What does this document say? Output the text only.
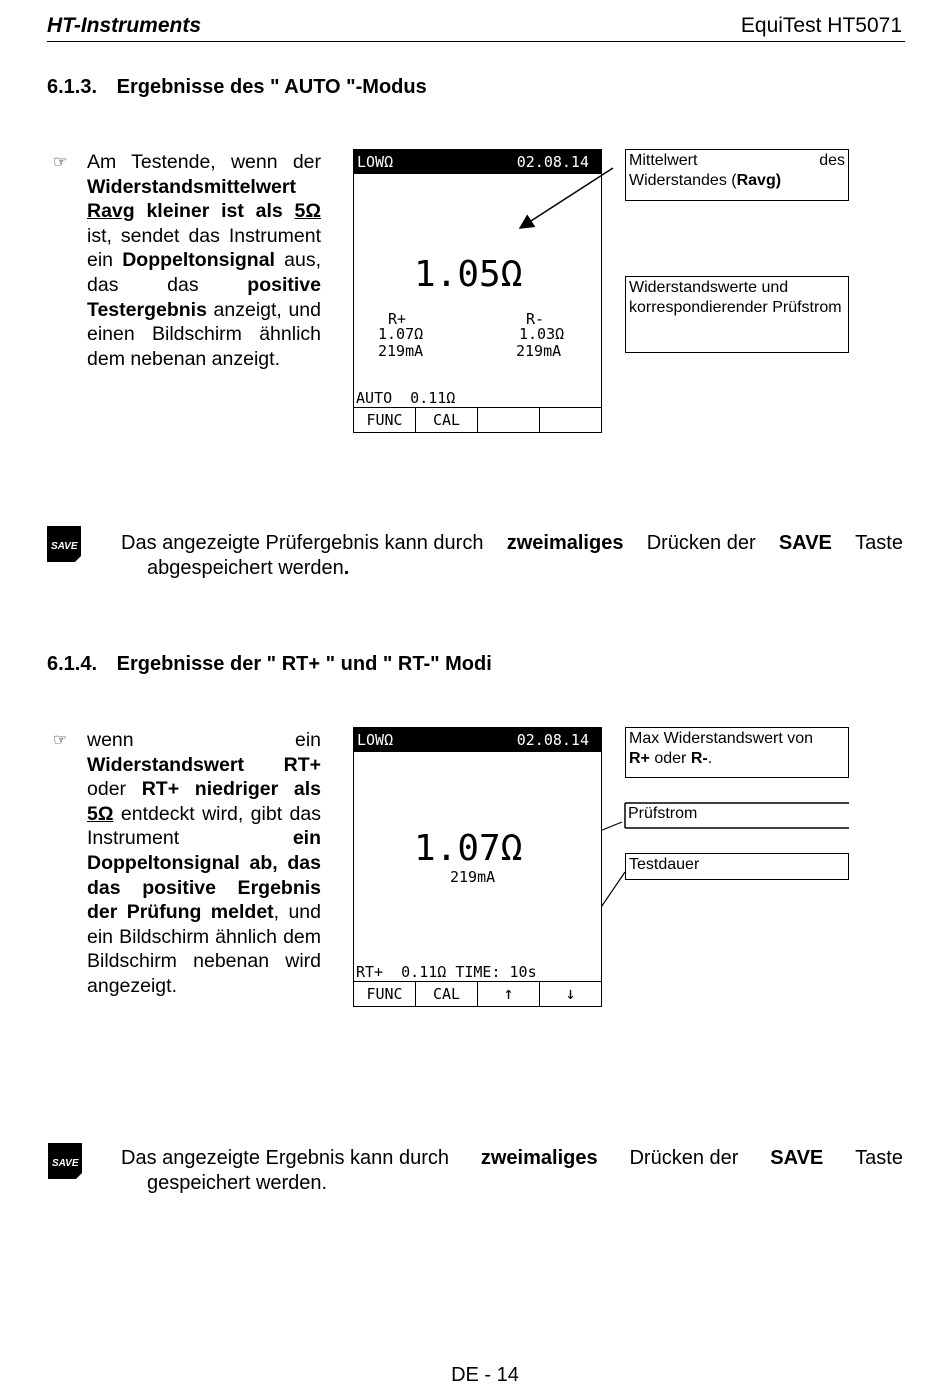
HT-Instruments	EquiTest HT5071
6.1.3. Ergebnisse des " AUTO "-Modus
☞ Am Testende, wenn der Widerstandsmittelwert Ravg kleiner ist als 5Ω ist, sendet das Instrument ein Doppeltonsignal aus, das das positive Testergebnis anzeigt, und einen Bildschirm ähnlich dem nebenan anzeigt.
LOWΩ	02.08.14
1.05Ω
R+
1.07Ω
219mA
R-
1.03Ω
219mA
AUTO  0.11Ω
FUNC	CAL
Mittelwert	des
Widerstandes (Ravg)
Widerstandswerte und korrespondierender Prüfstrom
SAVE Das angezeigte Prüfergebnis kann durch zweimaliges Drücken der SAVE Taste
abgespeichert werden.
6.1.4. Ergebnisse der " RT+ " und " RT-" Modi
☞ wenn ein Widerstandswert RT+ oder RT+ niedriger als 5Ω entdeckt wird, gibt das Instrument ein Doppeltonsignal ab, das das positive Ergebnis der Prüfung meldet, und ein Bildschirm ähnlich dem Bildschirm nebenan wird angezeigt.
LOWΩ	02.08.14
1.07Ω
219mA
RT+  0.11Ω TIME: 10s
FUNC	CAL	↑	↓
Max Widerstandswert von
R+ oder R-.
Prüfstrom
Testdauer
SAVE Das angezeigte Ergebnis kann durch zweimaliges Drücken der SAVE Taste
gespeichert werden.
DE - 14
